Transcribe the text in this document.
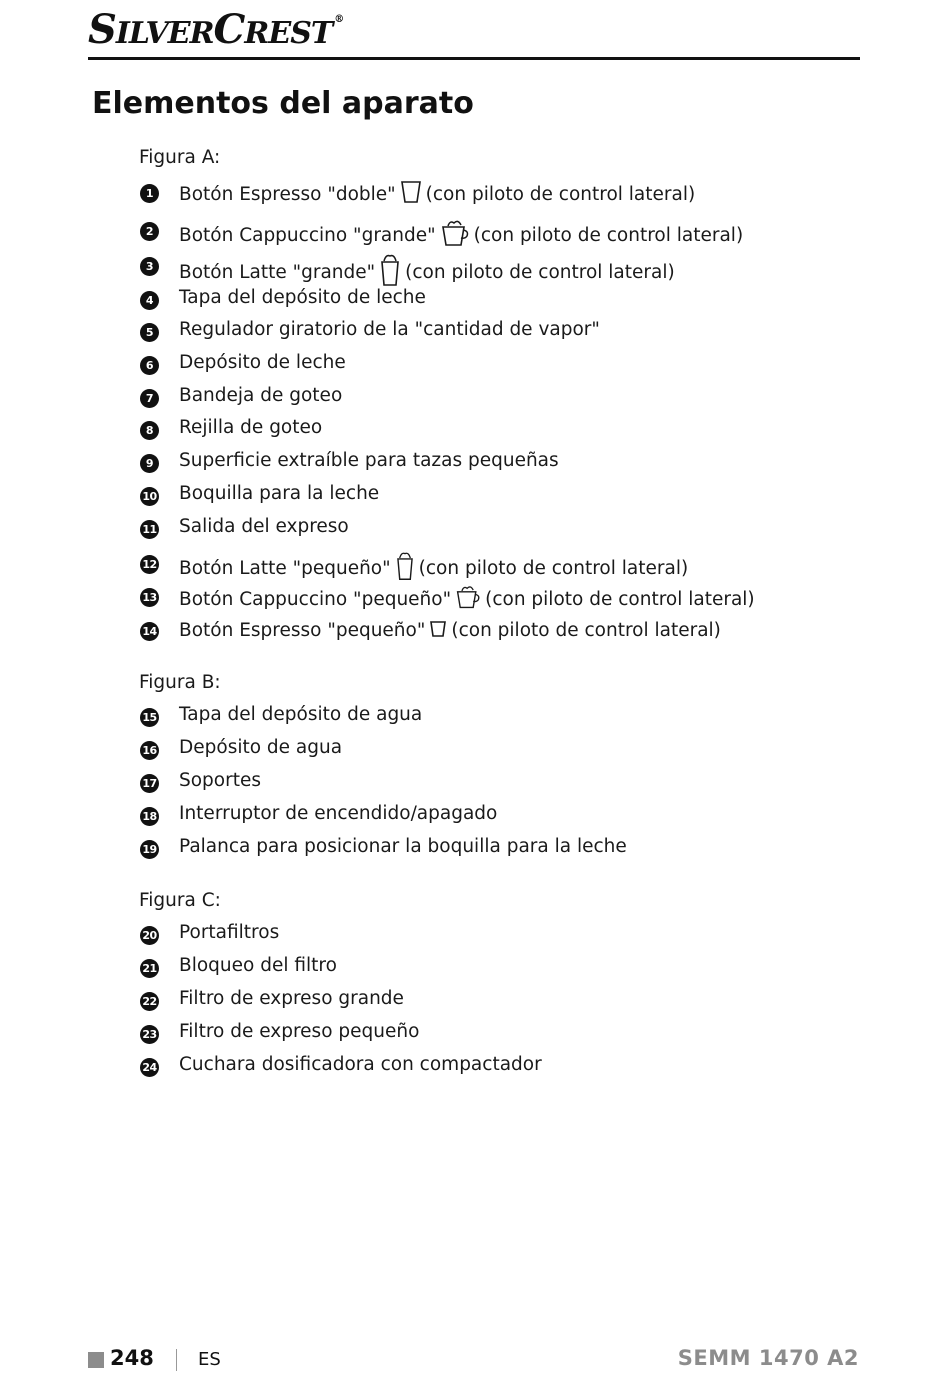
SILVERCREST ®
Elementos del aparato
Figura A:
1	Botón Espresso "doble" (con piloto de control lateral)
2	Botón Cappuccino "grande" (con piloto de control lateral)
3	Botón Latte "grande" (con piloto de control lateral)
4	Tapa del depósito de leche
5	Regulador giratorio de la "cantidad de vapor"
6	Depósito de leche
7	Bandeja de goteo
8	Rejilla de goteo
9	Superficie extraíble para tazas pequeñas
10 Boquilla para la leche
11 Salida del expreso
12 Botón Latte "pequeño" (con piloto de control lateral)
13 Botón Cappuccino "pequeño" (con piloto de control lateral)
14 Botón Espresso "pequeño" (con piloto de control lateral)
Figura B:
15 Tapa del depósito de agua
16 Depósito de agua
17 Soportes
18 Interruptor de encendido/apagado
19 Palanca para posicionar la boquilla para la leche
Figura C:
20 Portafiltros
21 Bloqueo del filtro
22 Filtro de expreso grande
23 Filtro de expreso pequeño
24 Cuchara dosificadora con compactador
248 ES	SEMM 1470 A2
